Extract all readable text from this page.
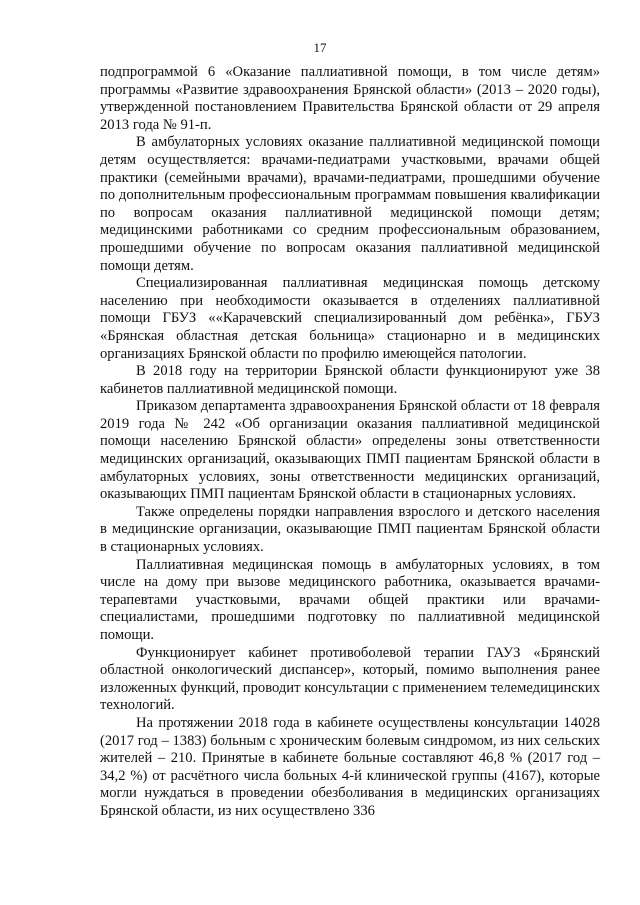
17

подпрограммой 6 «Оказание паллиативной помощи, в том числе детям» программы «Развитие здравоохранения Брянской области» (2013 – 2020 годы), утвержденной постановлением Правительства Брянской области от 29 апреля 2013 года № 91-п.

В амбулаторных условиях оказание паллиативной медицинской помощи детям осуществляется: врачами-педиатрами участковыми, врачами общей практики (семейными врачами), врачами-педиатрами, прошедшими обучение по дополнительным профессиональным программам повышения квалификации по вопросам оказания паллиативной медицинской помощи детям; медицинскими работниками со средним профессиональным образованием, прошедшими обучение по вопросам оказания паллиативной медицинской помощи детям.

Специализированная паллиативная медицинская помощь детскому населению при необходимости оказывается в отделениях паллиативной помощи ГБУЗ ««Карачевский специализированный дом ребёнка», ГБУЗ «Брянская областная детская больница» стационарно и в медицинских организациях Брянской области по профилю имеющейся патологии.

В 2018 году на территории Брянской области функционируют уже 38 кабинетов паллиативной медицинской помощи.

Приказом департамента здравоохранения Брянской области от 18 февраля 2019 года № 242 «Об организации оказания паллиативной медицинской помощи населению Брянской области» определены зоны ответственности медицинских организаций, оказывающих ПМП пациентам Брянской области в амбулаторных условиях, зоны ответственности медицинских организаций, оказывающих ПМП пациентам Брянской области в стационарных условиях.

Также определены порядки направления взрослого и детского населения в медицинские организации, оказывающие ПМП пациентам Брянской области в стационарных условиях.

Паллиативная медицинская помощь в амбулаторных условиях, в том числе на дому при вызове медицинского работника, оказывается врачами-терапевтами участковыми, врачами общей практики или врачами-специалистами, прошедшими подготовку по паллиативной медицинской помощи.

Функционирует кабинет противоболевой терапии ГАУЗ «Брянский областной онкологический диспансер», который, помимо выполнения ранее изложенных функций, проводит консультации с применением телемедицинских технологий.

На протяжении 2018 года в кабинете осуществлены консультации 14028 (2017 год – 1383) больным с хроническим болевым синдромом, из них сельских жителей – 210. Принятые в кабинете больные составляют 46,8 % (2017 год – 34,2 %) от расчётного числа больных 4-й клинической группы (4167), которые могли нуждаться в проведении обезболивания в медицинских организациях Брянской области, из них осуществлено 336
